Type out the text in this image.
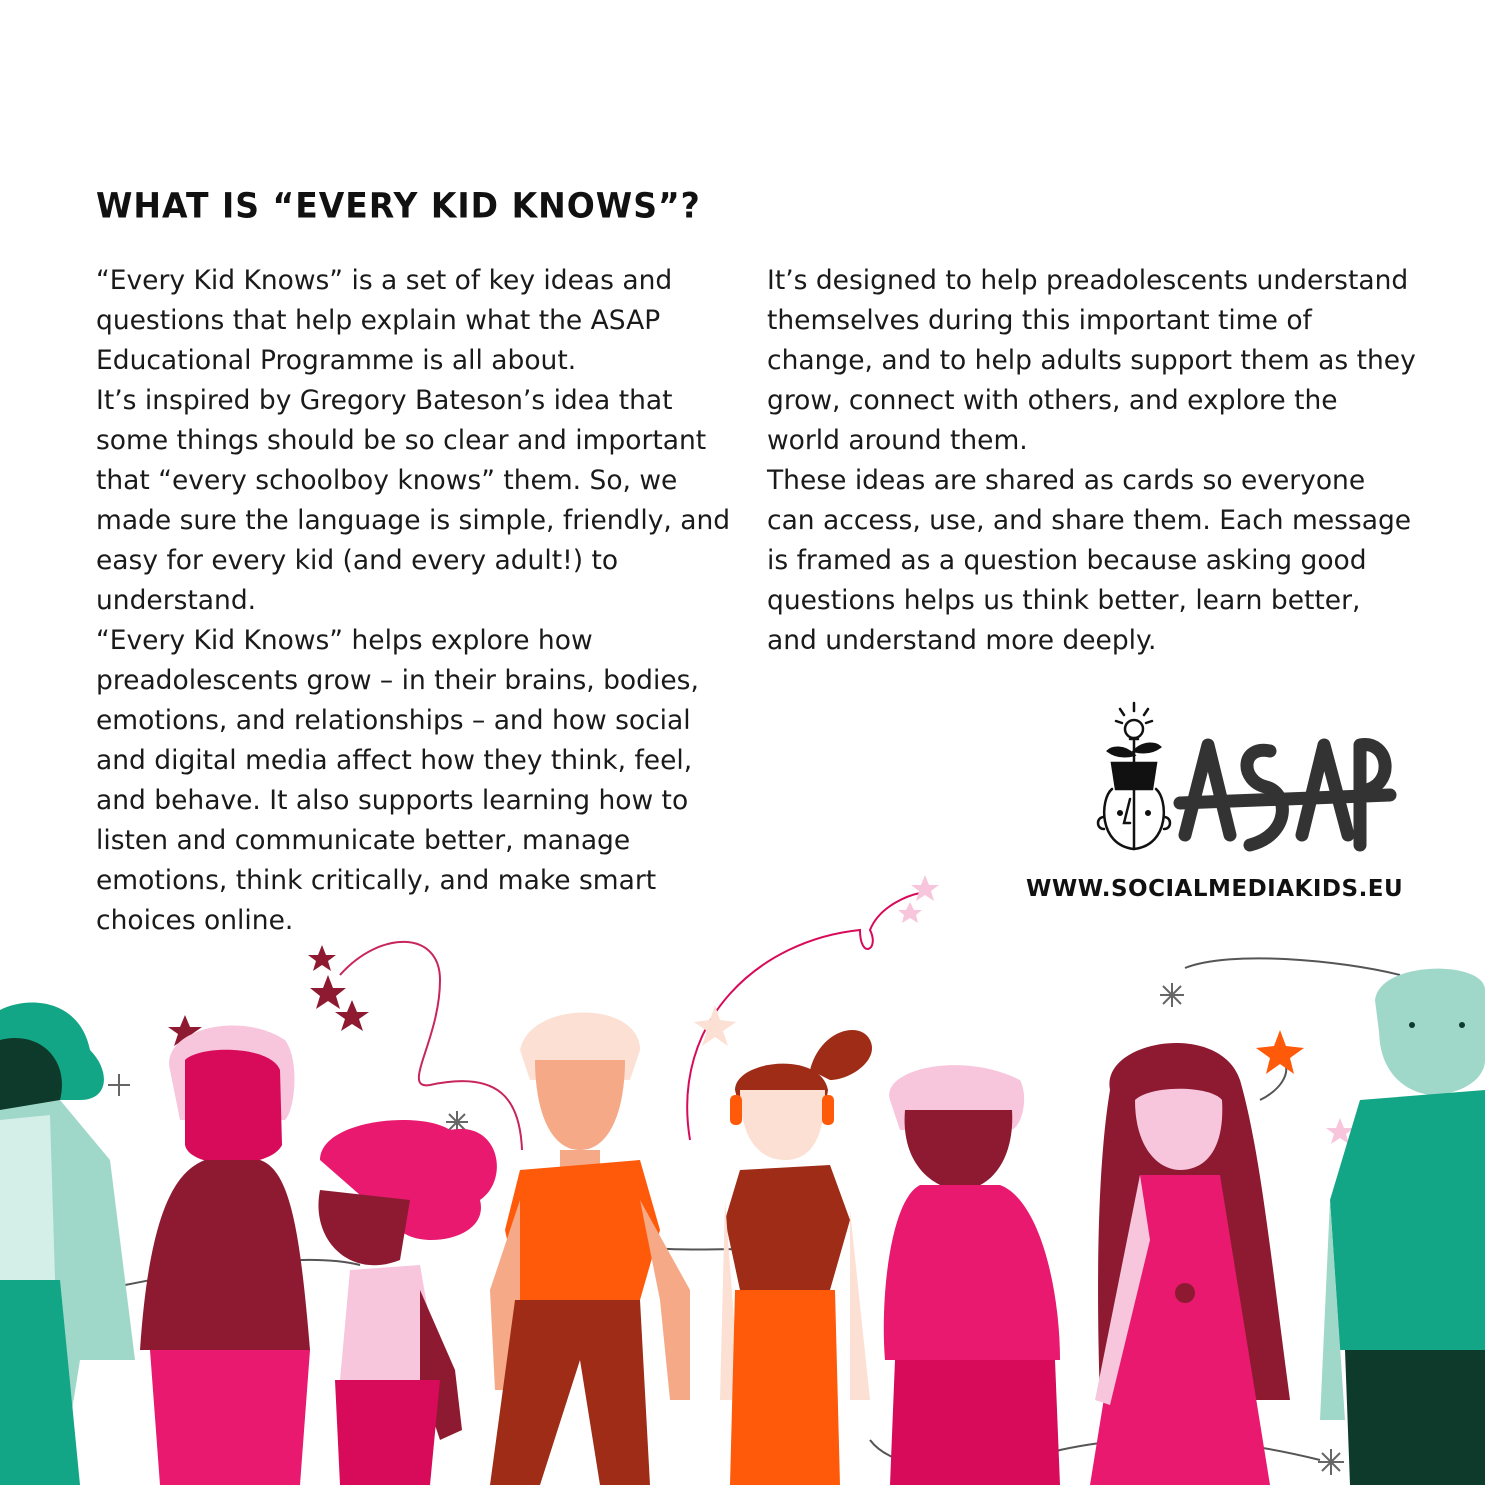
WHAT IS “EVERY KID KNOWS”?

“Every Kid Knows” is a set of key ideas and questions that help explain what the ASAP Educational Programme is all about.

It’s inspired by Gregory Bateson’s idea that some things should be so clear and important that “every schoolboy knows” them. So, we made sure the language is simple, friendly, and easy for every kid (and every adult!) to understand.

“Every Kid Knows” helps explore how preadolescents grow – in their brains, bodies, emotions, and relationships – and how social and digital media affect how they think, feel, and behave. It also supports learning how to listen and communicate better, manage emotions, think critically, and make smart choices online.

It’s designed to help preadolescents understand themselves during this important time of change, and to help adults support them as they grow, connect with others, and explore the world around them.

These ideas are shared as cards so everyone can access, use, and share them. Each message is framed as a question because asking good questions helps us think better, learn better, and understand more deeply.

WWW.SOCIALMEDIAKIDS.EU
